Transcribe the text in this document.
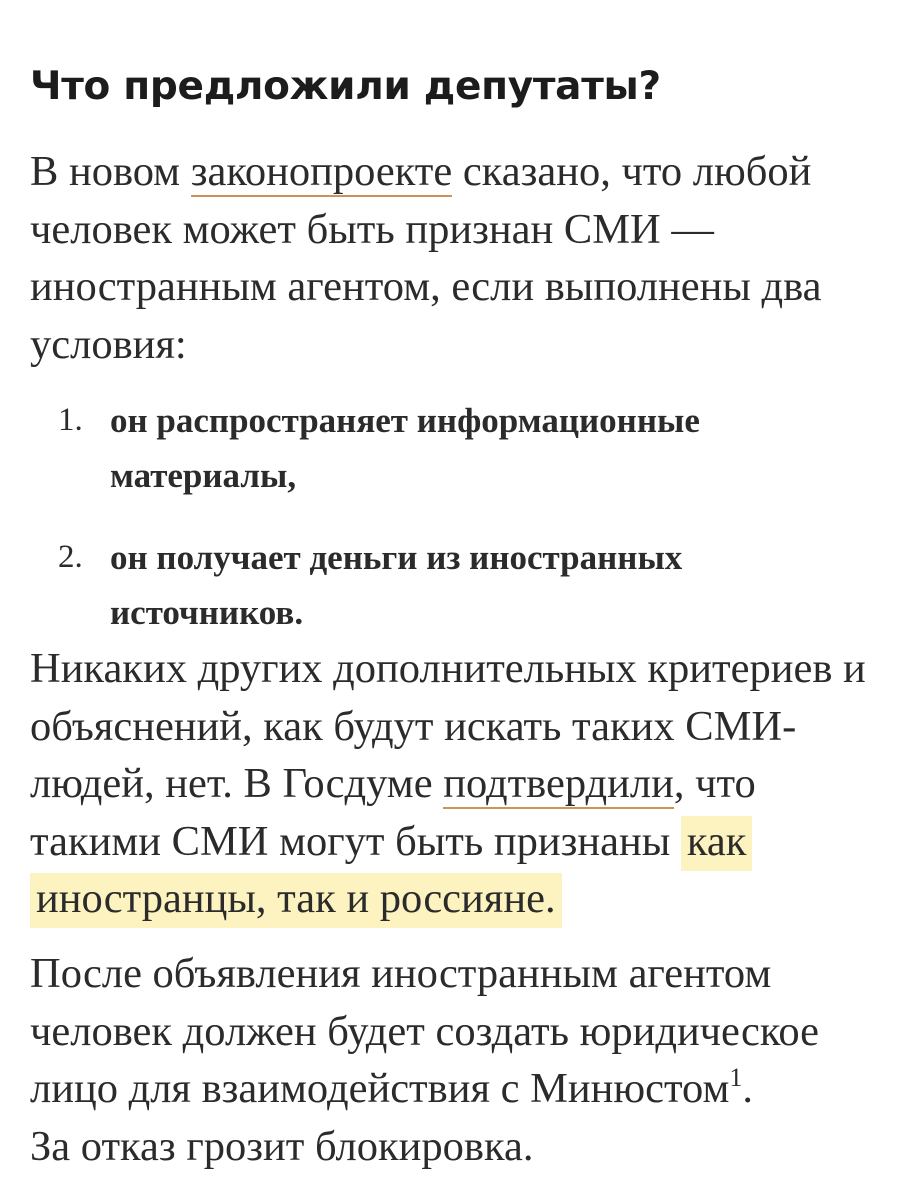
Что предложили депутаты?

В новом законопроекте сказано, что любой человек может быть признан СМИ — иностранным агентом, если выполнены два условия:

1. он распространяет информационные материалы,
2. он получает деньги из иностранных источников.

Никаких других дополнительных критериев и объяснений, как будут искать таких СМИ-людей, нет. В Госдуме подтвердили, что такими СМИ могут быть признаны как иностранцы, так и россияне.

После объявления иностранным агентом человек должен будет создать юридическое лицо для взаимодействия с Минюстом$^1$.
За отказ грозит блокировка.
